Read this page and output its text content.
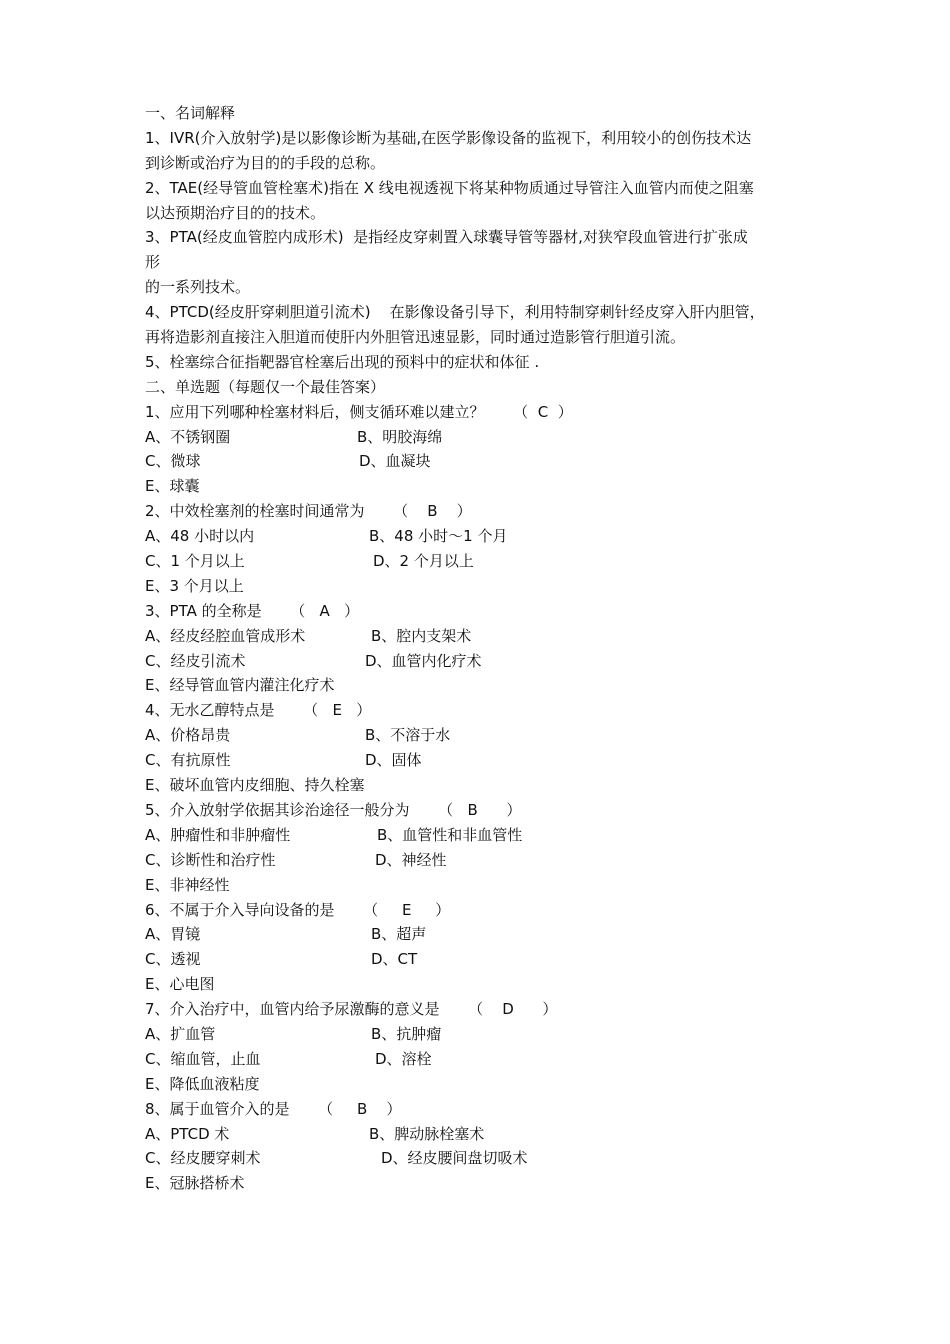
一、名词解释
1、IVR(介入放射学)是以影像诊断为基础,在医学影像设备的监视下，利用较小的创伤技术达
到诊断或治疗为目的的手段的总称。
2、TAE(经导管血管栓塞术)指在 X 线电视透视下将某种物质通过导管注入血管内而使之阻塞
以达预期治疗目的的技术。
3、PTA(经皮血管腔内成形术)  是指经皮穿刺置入球囊导管等器材,对狭窄段血管进行扩张成
形
的一系列技术。
4、PTCD(经皮肝穿刺胆道引流术)    在影像设备引导下，利用特制穿刺针经皮穿入肝内胆管，
再将造影剂直接注入胆道而使肝内外胆管迅速显影，同时通过造影管行胆道引流。
5、栓塞综合征指靶器官栓塞后出现的预料中的症状和体征 .
二、单选题（每题仅一个最佳答案）
1、应用下列哪种栓塞材料后，侧支循环难以建立？      （  C  ）
A、不锈钢圈	B、明胶海绵
C、微球	D、血凝块
E、球囊
2、中效栓塞剂的栓塞时间通常为      （    B    ）
A、48 小时以内	B、48 小时～1 个月
C、1 个月以上	D、2 个月以上
E、3 个月以上
3、PTA 的全称是      （   A   ）
A、经皮经腔血管成形术	B、腔内支架术
C、经皮引流术	D、血管内化疗术
E、经导管血管内灌注化疗术
4、无水乙醇特点是      （   E   ）
A、价格昂贵	B、不溶于水
C、有抗原性	D、固体
E、破坏血管内皮细胞、持久栓塞
5、介入放射学依据其诊治途径一般分为      （   B      ）
A、肿瘤性和非肿瘤性	B、血管性和非血管性
C、诊断性和治疗性	D、神经性
E、非神经性
6、不属于介入导向设备的是      （     E     ）
A、胃镜	B、超声
C、透视	D、CT
E、心电图
7、介入治疗中，血管内给予尿激酶的意义是      （    D      ）
A、扩血管	B、抗肿瘤
C、缩血管，止血	D、溶栓
E、降低血液粘度
8、属于血管介入的是      （     B    ）
A、PTCD 术	B、脾动脉栓塞术
C、经皮腰穿刺术	D、经皮腰间盘切吸术
E、冠脉搭桥术
